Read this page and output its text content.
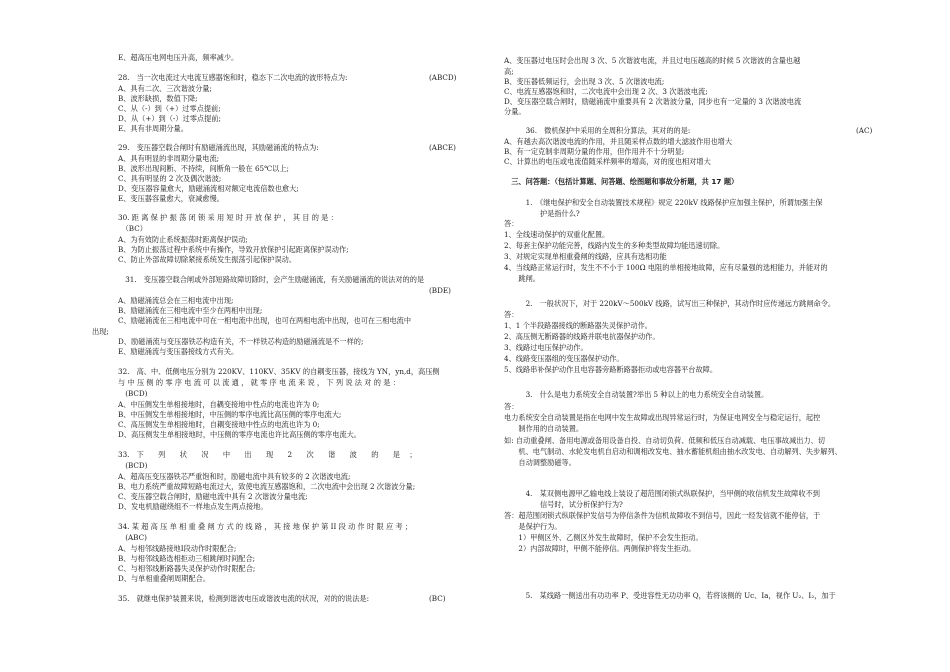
E、超高压电网电压升高，频率减少。
28.　当一次电流过大电流互感器饱和时，稳态下二次电流的波形特点为:	(ABCD)
A、具有二次、三次谐波分量;
B、波形缺损，数值下降;
C、从（-）到（+）过零点提前;
D、从（+）到（-）过零点提前;
E、具有非周期分量。
29.　变压器空载合闸时有励磁涌流出现，其励磁涌流的特点为:	(ABCE)
A、具有明显的非周期分量电流;
B、波形出现间断、不持续，间断角一般在 65℃以上;
C、具有明显的 2 次及偶次谐波;
D、变压器容量愈大，励磁涌流相对额定电流倍数也愈大;
E、变压器容量愈大，衰减愈慢。
30. 距 离 保 护 振 荡 闭 锁 采 用 短 时 开 放 保 护 ， 其 目 的 是 ：
　（BC）
A、为有效防止系统振荡时距离保护误动;
B、为防止振荡过程中系统中有操作，导致开放保护引起距离保护误动作;
C、防止外部故障切除紧接系统发生振荡引起保护误动。
　31.　变压器空载合闸或外部短路故障切除时，会产生励磁涌流，有关励磁涌流的说法对的的是
(BDE)
A、励磁涌流总会在三相电流中出现;
B、励磁涌流在三相电流中至少在两相中出现;
C、励磁涌流在三相电流中可在一相电流中出现，也可在两相电流中出现，也可在三相电流中
出现;
D、励磁涌流与变压器铁芯构造有关，不一样铁芯构造的励磁涌流是不一样的;
E、励磁涌流与变压器接线方式有关。
32.　高、中、低侧电压分别为 220KV、110KV、35KV 的自耦变压器，接线为 YN，yn,d，高压侧
与 中 压 侧 的 零 序 电 流 可 以 流 通 ， 就 零 序 电 流 来 说 ， 下 列 说 法 对 的 是 ：
　(BCD)
A、中压侧发生单相接地时，自耦变接地中性点的电流也许为 0;
B、中压侧发生单相接地时，中压侧的零序电流比高压侧的零序电流大;
C、高压侧发生单相接地时，自耦变接地中性点的电流也许为 0;
D、高压侧发生单相接地时，中压侧的零序电流也许比高压侧的零序电流大。
33.　下　　列　　状　　况　　中　　出　　现　　2　　次　　谐　　波　　的　　是 　；
　(BCD)
A、超高压变压器铁芯严重饱和时，励磁电流中具有较多的 2 次谐波电流;
B、电力系统严重故障短路电流过大，致使电流互感器饱和，二次电流中会出现 2 次谐波分量;
C、变压器空载合闸时，励磁电流中具有 2 次谐波分量电流;
D、发电机励磁绕组不一样地点发生两点接地。
34. 某 超 高 压 单 相 重 叠 闸 方 式 的 线 路 ， 其 接 地 保 护 第 II 段 动 作 时 限 应 考 ；
　(ABC)
A、与相邻线路接地Ⅰ段动作时限配合;
B、与相邻线路选相拒动三相跳闸时间配合;
C、与相邻线断路器失灵保护动作时限配合;
D、与单相重叠闸周期配合。
35.　就继电保护装置来说，检测到谐波电压或谐波电流的状况，对的的说法是:	(BC)
A、变压器过电压时会出现 3 次、5 次谐波电流，并且过电压越高的时候 5 次谐波的含量也越
高;
B、变压器低频运行，会出现 3 次、5 次谐波电流;
C、电流互感器饱和时，二次电流中会出现 2 次、3 次谐波电流;
D、变压器空载合闸时，励磁涌流中重要具有 2 次谐波分量，同步也有一定量的 3 次谐波电流
分量。
　　　36.　微机保护中采用的全周积分算法，其对的的是:	(AC)
A、有越去高次谐波电流的作用，并且随采样点数的增大滤波作用也增大
B、有一定克制非周期分量的作用，但作用并不十分明显;
C、计算出的电压或电流值随采样频率的增高，对的度也相对增大
　三、问答题：（包括计算题、问答题、绘图题和事故分析题，共 17 题）
　　　1.　《继电保护和安全自动装置技术规程》规定 220kV 线路保护应加强主保护，所谓加强主保
　　　　　护是指什么?
答：
1、全线速动保护的双重化配置。
2、每套主保护功能完善，线路内发生的多种类型故障均能迅速切除。
3、对规定实现单相重叠闸的线路，应具有选相功能
4、当线路正常运行时，发生不不小于 100Ω 电阻的单相接地故障，应有尽量强的选相能力，并能对的
　　跳闸。
　　　2.　一般状况下，对于 220kV～500kV 线路，试写出三种保护，其动作时应传递远方跳闸命令。
答：
1、1 个半段路器接线的断路器失灵保护动作。
2、高压侧无断路器的线路并联电抗器保护动作。
3、线路过电压保护动作。
4、线路变压器组的变压器保护动作。
5、线路串补保护动作且电容器旁路断路器拒动或电容器平台故障。
　　　3.　什么是电力系统安全自动装置?举出 5 种以上的电力系统安全自动装置。
答：
电力系统安全自动装置是指在电网中发生故障或出现异常运行时，为保证电网安全与稳定运行，起控
　　制作用的自动装置。
如: 自动重叠闸、备用电源或备用设备自投、自动切负荷、低频和低压自动减载、电压事故减出力、切
　　机、电气制动、水轮发电机自启动和调相改发电、抽水蓄能机组由抽水改发电、自动解列、失步解列、
　　自动调整励磁等。
　　　4.　某双侧电源甲乙输电线上装设了超范围闭锁式纵联保护，当甲侧的收信机发生故障收不到
　　　　　信号时，试分析保护行为?
答：超范围闭锁式纵联保护发信号为停信条件为信机故障收不到信号，因此一经发信就不能停信，于
　　是保护行为。
　　1）甲侧区外、乙侧区外发生故障时，保护不会发生拒动。
　　2）内部故障时，甲侧不能停信。两侧保护将发生拒动。
　　　5.　某线路一侧送出有功功率 P、受进容性无功功率 Q，若将该侧的 Uc、Ia，视作 U₂、I₂，加于
